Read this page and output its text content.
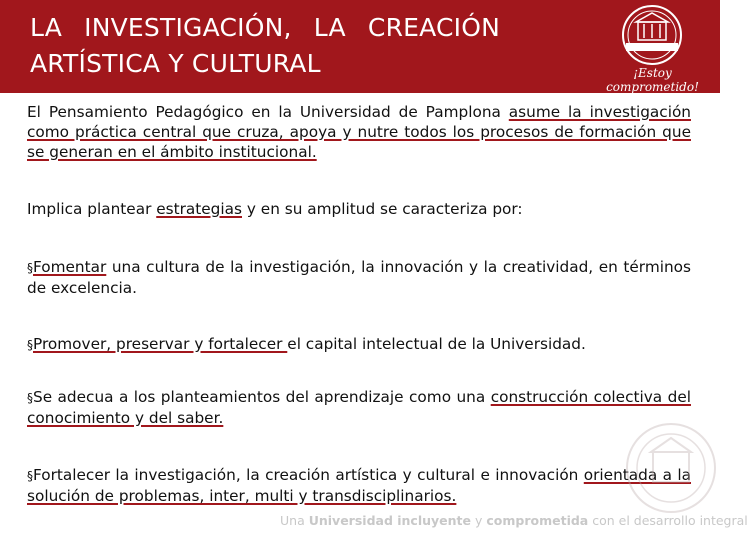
LA INVESTIGACIÓN, LA CREACIÓN
ARTÍSTICA Y CULTURAL	¡Estoy comprometido!

El Pensamiento Pedagógico en la Universidad de Pamplona asume la investigación como práctica central que cruza, apoya y nutre todos los procesos de formación que se generan en el ámbito institucional.

Implica plantear estrategias y en su amplitud se caracteriza por:

§Fomentar una cultura de la investigación, la innovación y la creatividad, en términos de excelencia.

§Promover, preservar y fortalecer el capital intelectual de la Universidad.

§Se adecua a los planteamientos del aprendizaje como una construcción colectiva del conocimiento y del saber.

§Fortalecer la investigación, la creación artística y cultural e innovación orientada a la solución de problemas, inter, multi y transdisciplinarios.

Una Universidad incluyente y comprometida con el desarrollo integral
